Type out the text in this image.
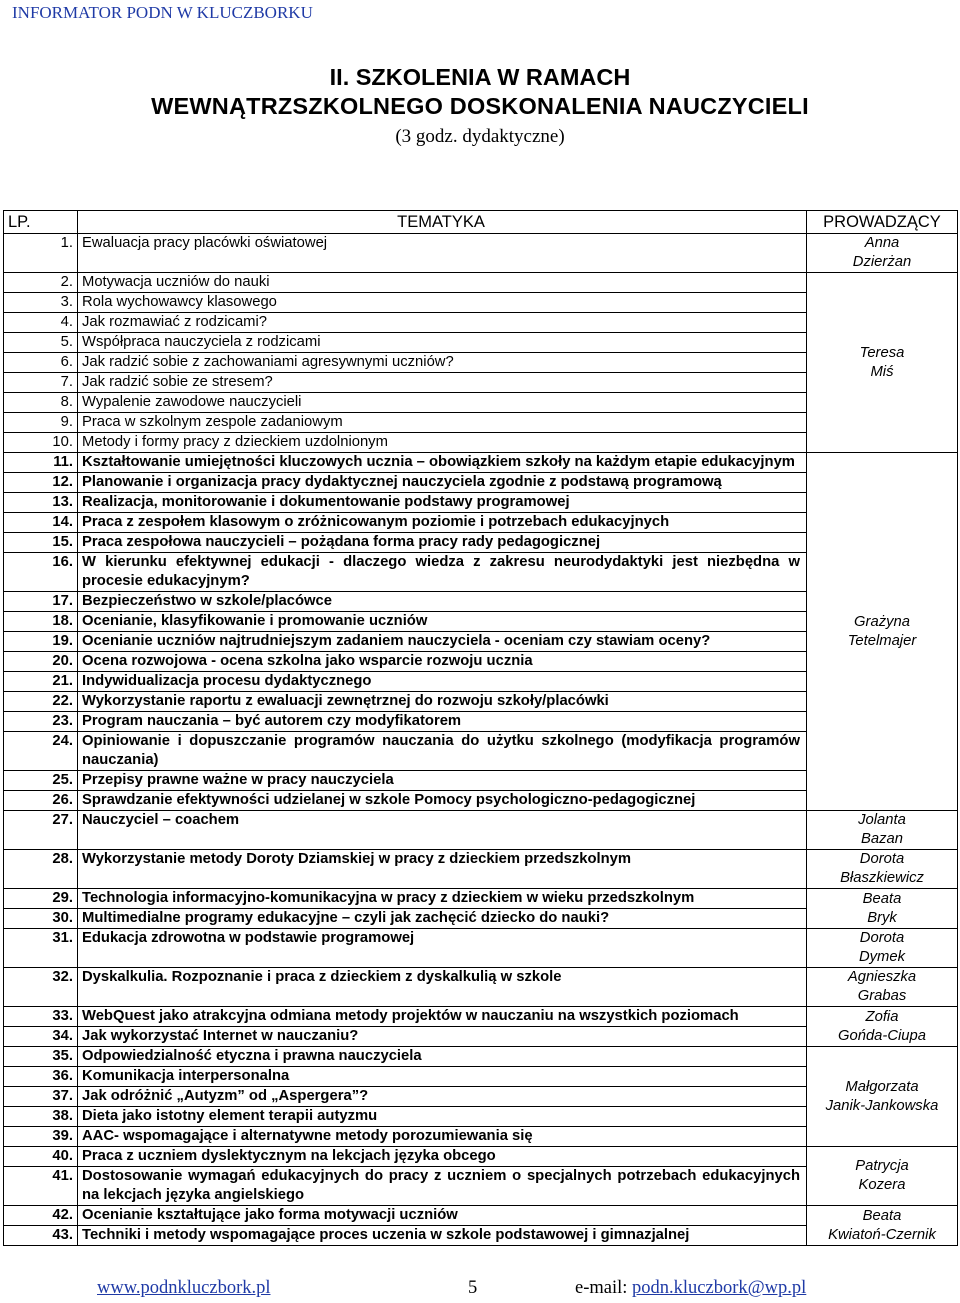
INFORMATOR PODN W KLUCZBORKU
II. SZKOLENIA W RAMACH
WEWNĄTRZSZKOLNEGO DOSKONALENIA NAUCZYCIELI
(3 godz. dydaktyczne)
LP.	TEMATYKA	PROWADZĄCY
1.	Ewaluacja pracy placówki oświatowej	Anna
Dzierżan

2.	Motywacja uczniów do nauki	Teresa
Miś

3.	Rola wychowawcy klasowego	
4.	Jak rozmawiać z rodzicami?	
5.	Współpraca nauczyciela z rodzicami	
6.	Jak radzić sobie z zachowaniami agresywnymi uczniów?	
7.	Jak radzić sobie ze stresem?	
8.	Wypalenie zawodowe nauczycieli	
9.	Praca w szkolnym zespole zadaniowym	
10.	Metody i formy pracy z dzieckiem uzdolnionym	
11.	Kształtowanie umiejętności kluczowych ucznia – obowiązkiem szkoły na każdym etapie edukacyjnym	Grażyna
Tetelmajer

12.	Planowanie i organizacja pracy dydaktycznej nauczyciela zgodnie z podstawą programową	
13.	Realizacja, monitorowanie i dokumentowanie podstawy programowej	
14.	Praca z zespołem klasowym o zróżnicowanym poziomie i potrzebach edukacyjnych	
15.	Praca zespołowa nauczycieli – pożądana forma pracy rady pedagogicznej	
16.	W kierunku efektywnej edukacji - dlaczego wiedza z zakresu neurodydaktyki jest niezbędna w procesie edukacyjnym?	
17.	Bezpieczeństwo w szkole/placówce	
18.	Ocenianie, klasyfikowanie i promowanie uczniów	
19.	Ocenianie uczniów najtrudniejszym zadaniem nauczyciela - oceniam czy stawiam oceny?	
20.	Ocena rozwojowa - ocena szkolna jako wsparcie rozwoju ucznia	
21.	Indywidualizacja procesu dydaktycznego	
22.	Wykorzystanie raportu z ewaluacji zewnętrznej do rozwoju szkoły/placówki	
23.	Program nauczania – być autorem czy modyfikatorem	
24.	Opiniowanie i dopuszczanie programów nauczania do użytku szkolnego (modyfikacja programów nauczania)	
25.	Przepisy prawne ważne w pracy nauczyciela	
26.	Sprawdzanie efektywności udzielanej w szkole Pomocy psychologiczno-pedagogicznej	
27.	Nauczyciel – coachem	Jolanta
Bazan

28.	Wykorzystanie metody Doroty Dziamskiej w pracy z dzieckiem przedszkolnym	Dorota
Błaszkiewicz

29.	Technologia informacyjno-komunikacyjna w pracy z dzieckiem w wieku przedszkolnym	Beata
Bryk

30.	Multimedialne programy edukacyjne – czyli jak zachęcić dziecko do nauki?	
31.	Edukacja zdrowotna w podstawie programowej	Dorota
Dymek

32.	Dyskalkulia. Rozpoznanie i praca z dzieckiem z dyskalkulią w szkole	Agnieszka
Grabas

33.	WebQuest jako atrakcyjna odmiana metody projektów w nauczaniu na wszystkich poziomach	Zofia
Gońda-Ciupa

34.	Jak wykorzystać Internet w nauczaniu?	
35.	Odpowiedzialność etyczna i prawna nauczyciela	Małgorzata
Janik-Jankowska

36.	Komunikacja interpersonalna	
37.	Jak odróżnić „Autyzm” od „Aspergera”?	
38.	Dieta jako istotny element terapii autyzmu	
39.	AAC- wspomagające i alternatywne metody porozumiewania się	
40.	Praca z uczniem dyslektycznym na lekcjach języka obcego	Patrycja
Kozera

41.	Dostosowanie wymagań edukacyjnych do pracy z uczniem o specjalnych potrzebach edukacyjnych na lekcjach języka angielskiego	
42.	Ocenianie kształtujące jako forma motywacji uczniów	Beata
Kwiatoń-Czernik

43.	Techniki i metody wspomagające proces uczenia w szkole podstawowej i gimnazjalnej	
www.podnkluczbork.pl	5	e-mail: podn.kluczbork@wp.pl
